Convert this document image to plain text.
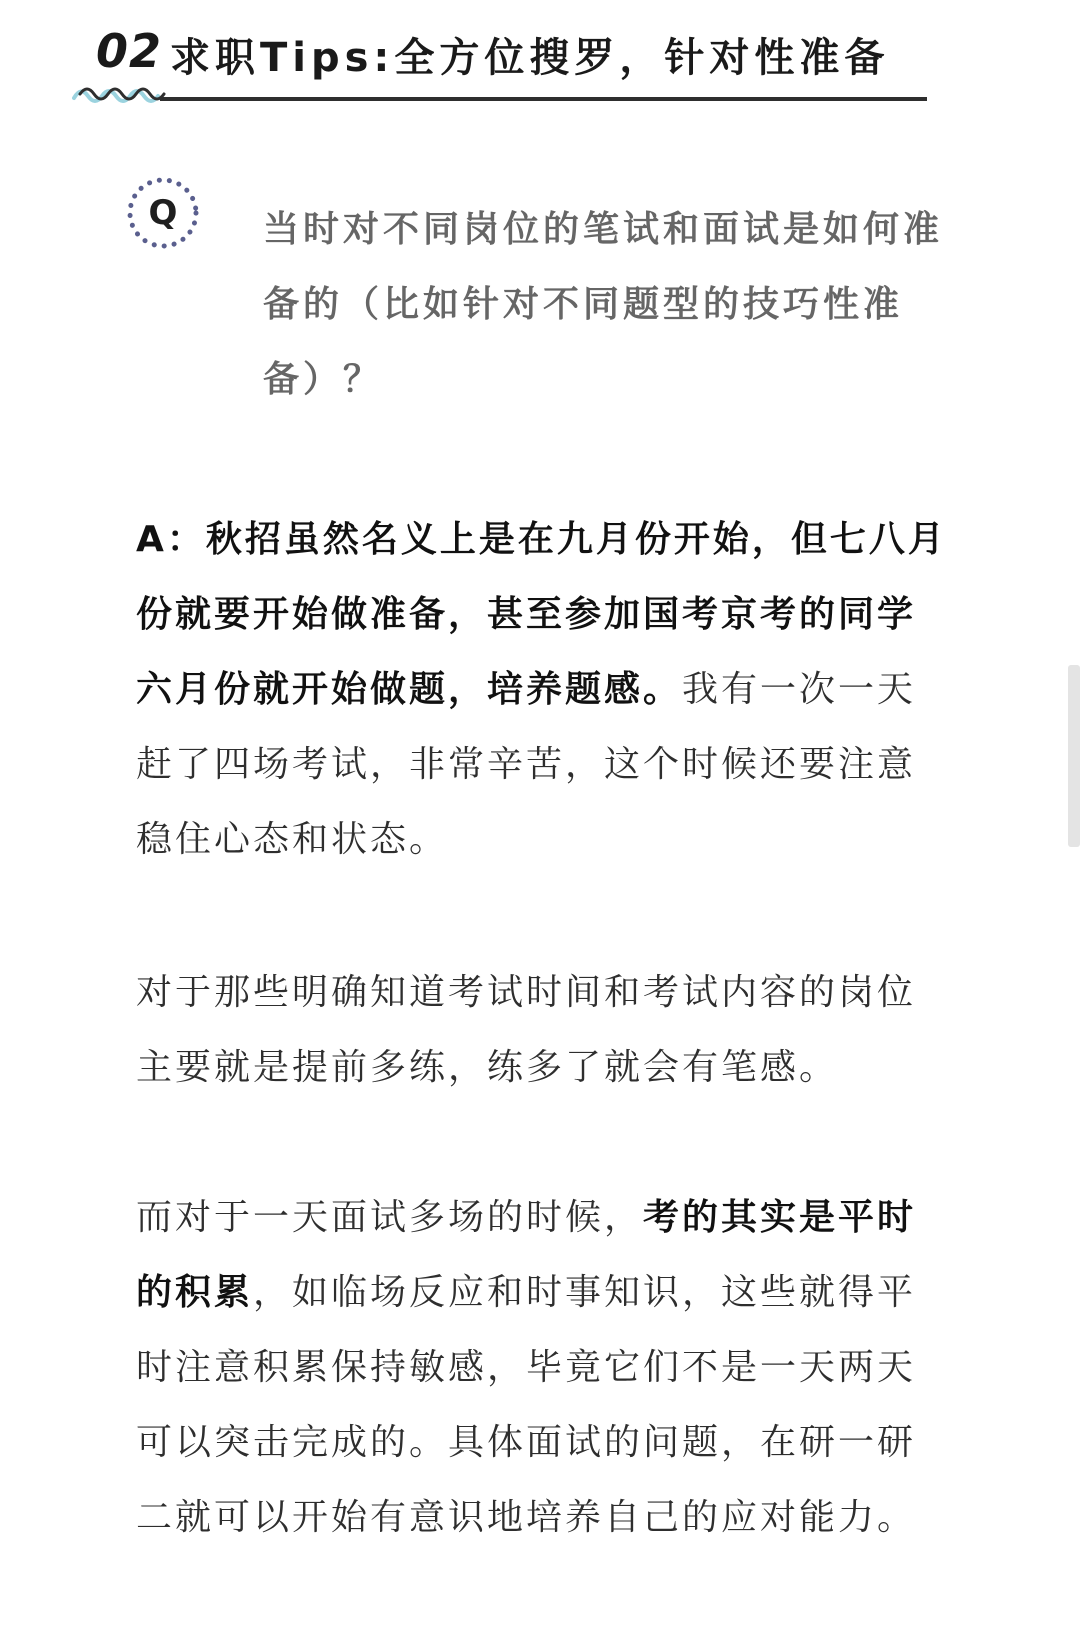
02 求职Tips:全方位搜罗，针对性准备
Q	当时对不同岗位的笔试和面试是如何准备的（比如针对不同题型的技巧性准备）？

A：秋招虽然名义上是在九月份开始，但七八月份就要开始做准备，甚至参加国考京考的同学六月份就开始做题，培养题感。我有一次一天赶了四场考试，非常辛苦，这个时候还要注意稳住心态和状态。

对于那些明确知道考试时间和考试内容的岗位主要就是提前多练，练多了就会有笔感。

而对于一天面试多场的时候，考的其实是平时的积累，如临场反应和时事知识，这些就得平时注意积累保持敏感，毕竟它们不是一天两天可以突击完成的。具体面试的问题，在研一研二就可以开始有意识地培养自己的应对能力。
